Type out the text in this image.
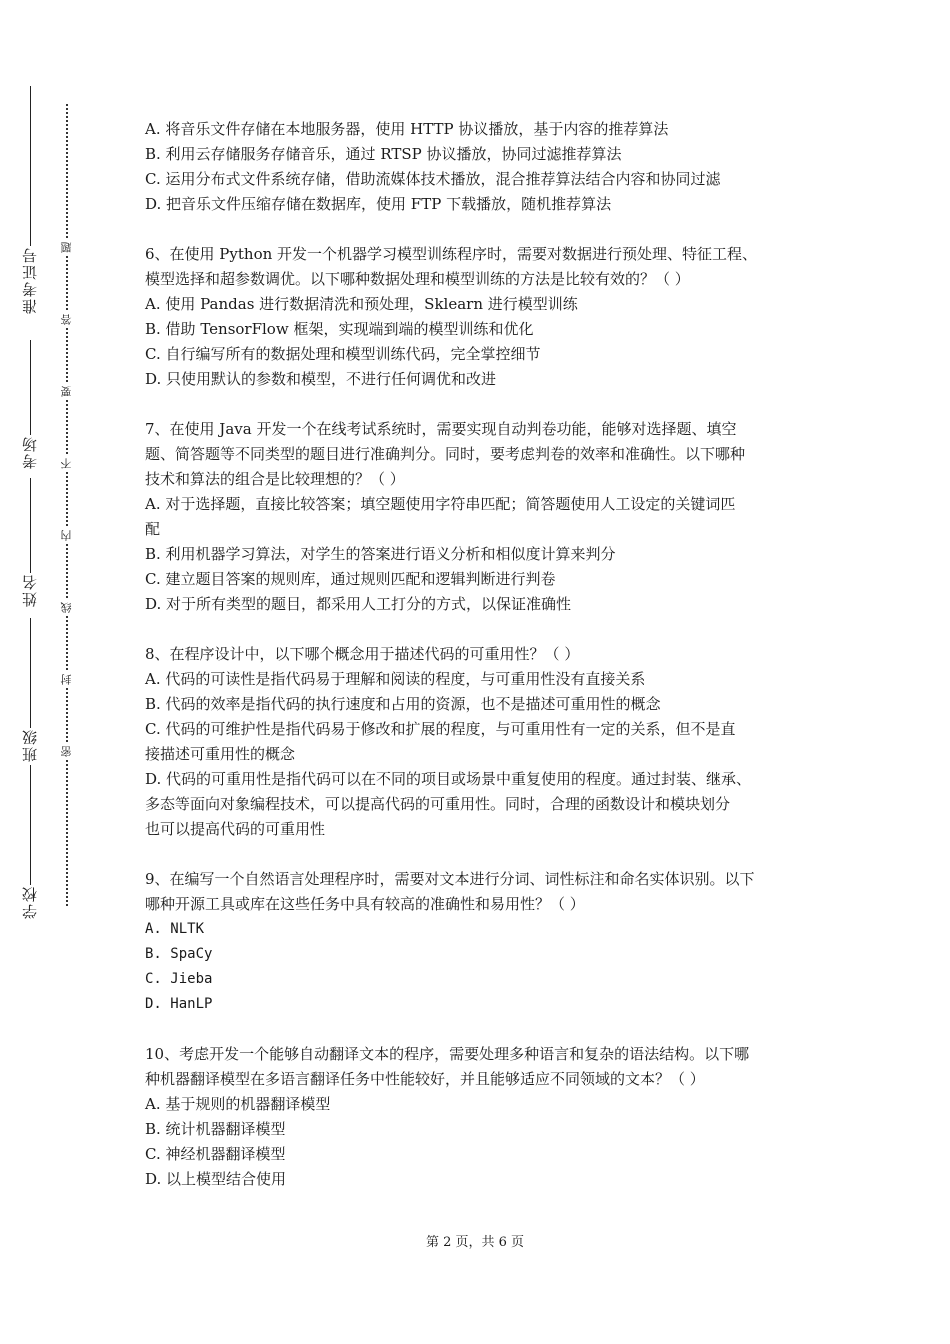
准考证号
考场
姓名
班级
学校
题
答
要
不
内
线
封
密
A. 将音乐文件存储在本地服务器，使用 HTTP 协议播放，基于内容的推荐算法
B. 利用云存储服务存储音乐，通过 RTSP 协议播放，协同过滤推荐算法
C. 运用分布式文件系统存储，借助流媒体技术播放，混合推荐算法结合内容和协同过滤
D. 把音乐文件压缩存储在数据库，使用 FTP 下载播放，随机推荐算法
6、在使用 Python 开发一个机器学习模型训练程序时，需要对数据进行预处理、特征工程、
模型选择和超参数调优。以下哪种数据处理和模型训练的方法是比较有效的？（ ）
A. 使用 Pandas 进行数据清洗和预处理，Sklearn 进行模型训练
B. 借助 TensorFlow 框架，实现端到端的模型训练和优化
C. 自行编写所有的数据处理和模型训练代码，完全掌控细节
D. 只使用默认的参数和模型，不进行任何调优和改进
7、在使用 Java 开发一个在线考试系统时，需要实现自动判卷功能，能够对选择题、填空
题、简答题等不同类型的题目进行准确判分。同时，要考虑判卷的效率和准确性。以下哪种
技术和算法的组合是比较理想的？（ ）
A. 对于选择题，直接比较答案；填空题使用字符串匹配；简答题使用人工设定的关键词匹
配
B. 利用机器学习算法，对学生的答案进行语义分析和相似度计算来判分
C. 建立题目答案的规则库，通过规则匹配和逻辑判断进行判卷
D. 对于所有类型的题目，都采用人工打分的方式，以保证准确性
8、在程序设计中，以下哪个概念用于描述代码的可重用性？（ ）
A. 代码的可读性是指代码易于理解和阅读的程度，与可重用性没有直接关系
B. 代码的效率是指代码的执行速度和占用的资源，也不是描述可重用性的概念
C. 代码的可维护性是指代码易于修改和扩展的程度，与可重用性有一定的关系，但不是直
接描述可重用性的概念
D. 代码的可重用性是指代码可以在不同的项目或场景中重复使用的程度。通过封装、继承、
多态等面向对象编程技术，可以提高代码的可重用性。同时，合理的函数设计和模块划分
也可以提高代码的可重用性
9、在编写一个自然语言处理程序时，需要对文本进行分词、词性标注和命名实体识别。以下
哪种开源工具或库在这些任务中具有较高的准确性和易用性？（ ）
A. NLTK
B. SpaCy
C. Jieba
D. HanLP
10、考虑开发一个能够自动翻译文本的程序，需要处理多种语言和复杂的语法结构。以下哪
种机器翻译模型在多语言翻译任务中性能较好，并且能够适应不同领域的文本？（ ）
A. 基于规则的机器翻译模型
B. 统计机器翻译模型
C. 神经机器翻译模型
D. 以上模型结合使用
第 2 页，共 6 页
